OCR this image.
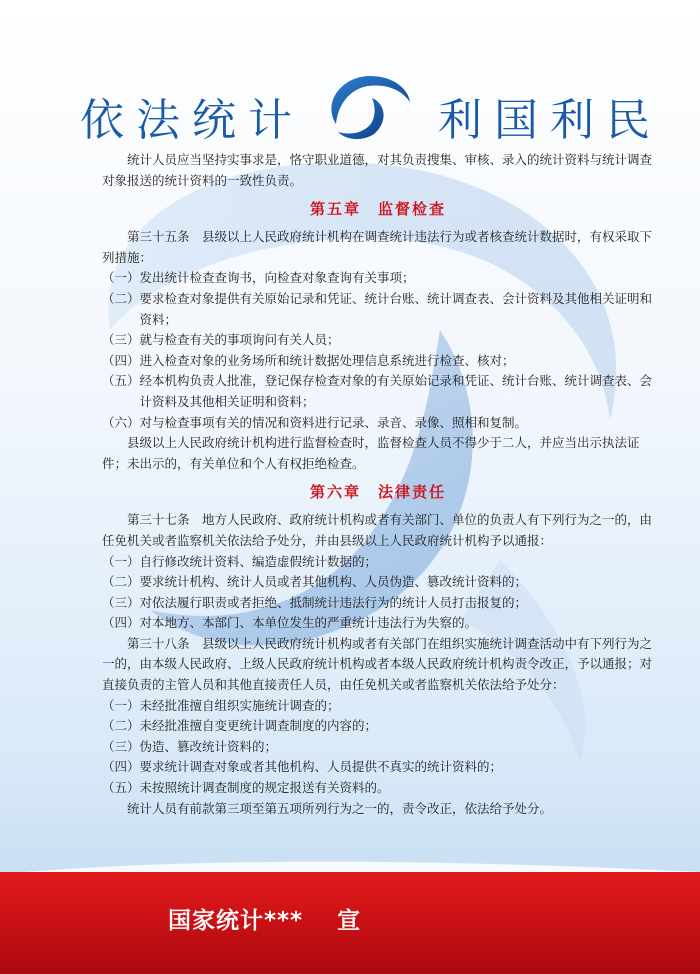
依法统计	利国利民

统计人员应当坚持实事求是，恪守职业道德，对其负责搜集、审核、录入的统计资料与统计调查对象报送的统计资料的一致性负责。

第五章　监督检查

第三十五条　县级以上人民政府统计机构在调查统计违法行为或者核查统计数据时，有权采取下列措施：

（一）发出统计检查查询书，向检查对象查询有关事项；

（二）要求检查对象提供有关原始记录和凭证、统计台账、统计调查表、会计资料及其他相关证明和资料；

（三）就与检查有关的事项询问有关人员；

（四）进入检查对象的业务场所和统计数据处理信息系统进行检查、核对；

（五）经本机构负责人批准，登记保存检查对象的有关原始记录和凭证、统计台账、统计调查表、会计资料及其他相关证明和资料；

（六）对与检查事项有关的情况和资料进行记录、录音、录像、照相和复制。

县级以上人民政府统计机构进行监督检查时，监督检查人员不得少于二人，并应当出示执法证件；未出示的，有关单位和个人有权拒绝检查。

第六章　法律责任

第三十七条　地方人民政府、政府统计机构或者有关部门、单位的负责人有下列行为之一的，由任免机关或者监察机关依法给予处分，并由县级以上人民政府统计机构予以通报：

（一）自行修改统计资料、编造虚假统计数据的；

（二）要求统计机构、统计人员或者其他机构、人员伪造、篡改统计资料的；

（三）对依法履行职责或者拒绝、抵制统计违法行为的统计人员打击报复的；

（四）对本地方、本部门、本单位发生的严重统计违法行为失察的。

第三十八条　县级以上人民政府统计机构或者有关部门在组织实施统计调查活动中有下列行为之一的，由本级人民政府、上级人民政府统计机构或者本级人民政府统计机构责令改正，予以通报；对直接负责的主管人员和其他直接责任人员，由任免机关或者监察机关依法给予处分：

（一）未经批准擅自组织实施统计调查的；

（二）未经批准擅自变更统计调查制度的内容的；

（三）伪造、篡改统计资料的；

（四）要求统计调查对象或者其他机构、人员提供不真实的统计资料的；

（五）未按照统计调查制度的规定报送有关资料的。

统计人员有前款第三项至第五项所列行为之一的，责令改正，依法给予处分。

国家统计*** 宣
